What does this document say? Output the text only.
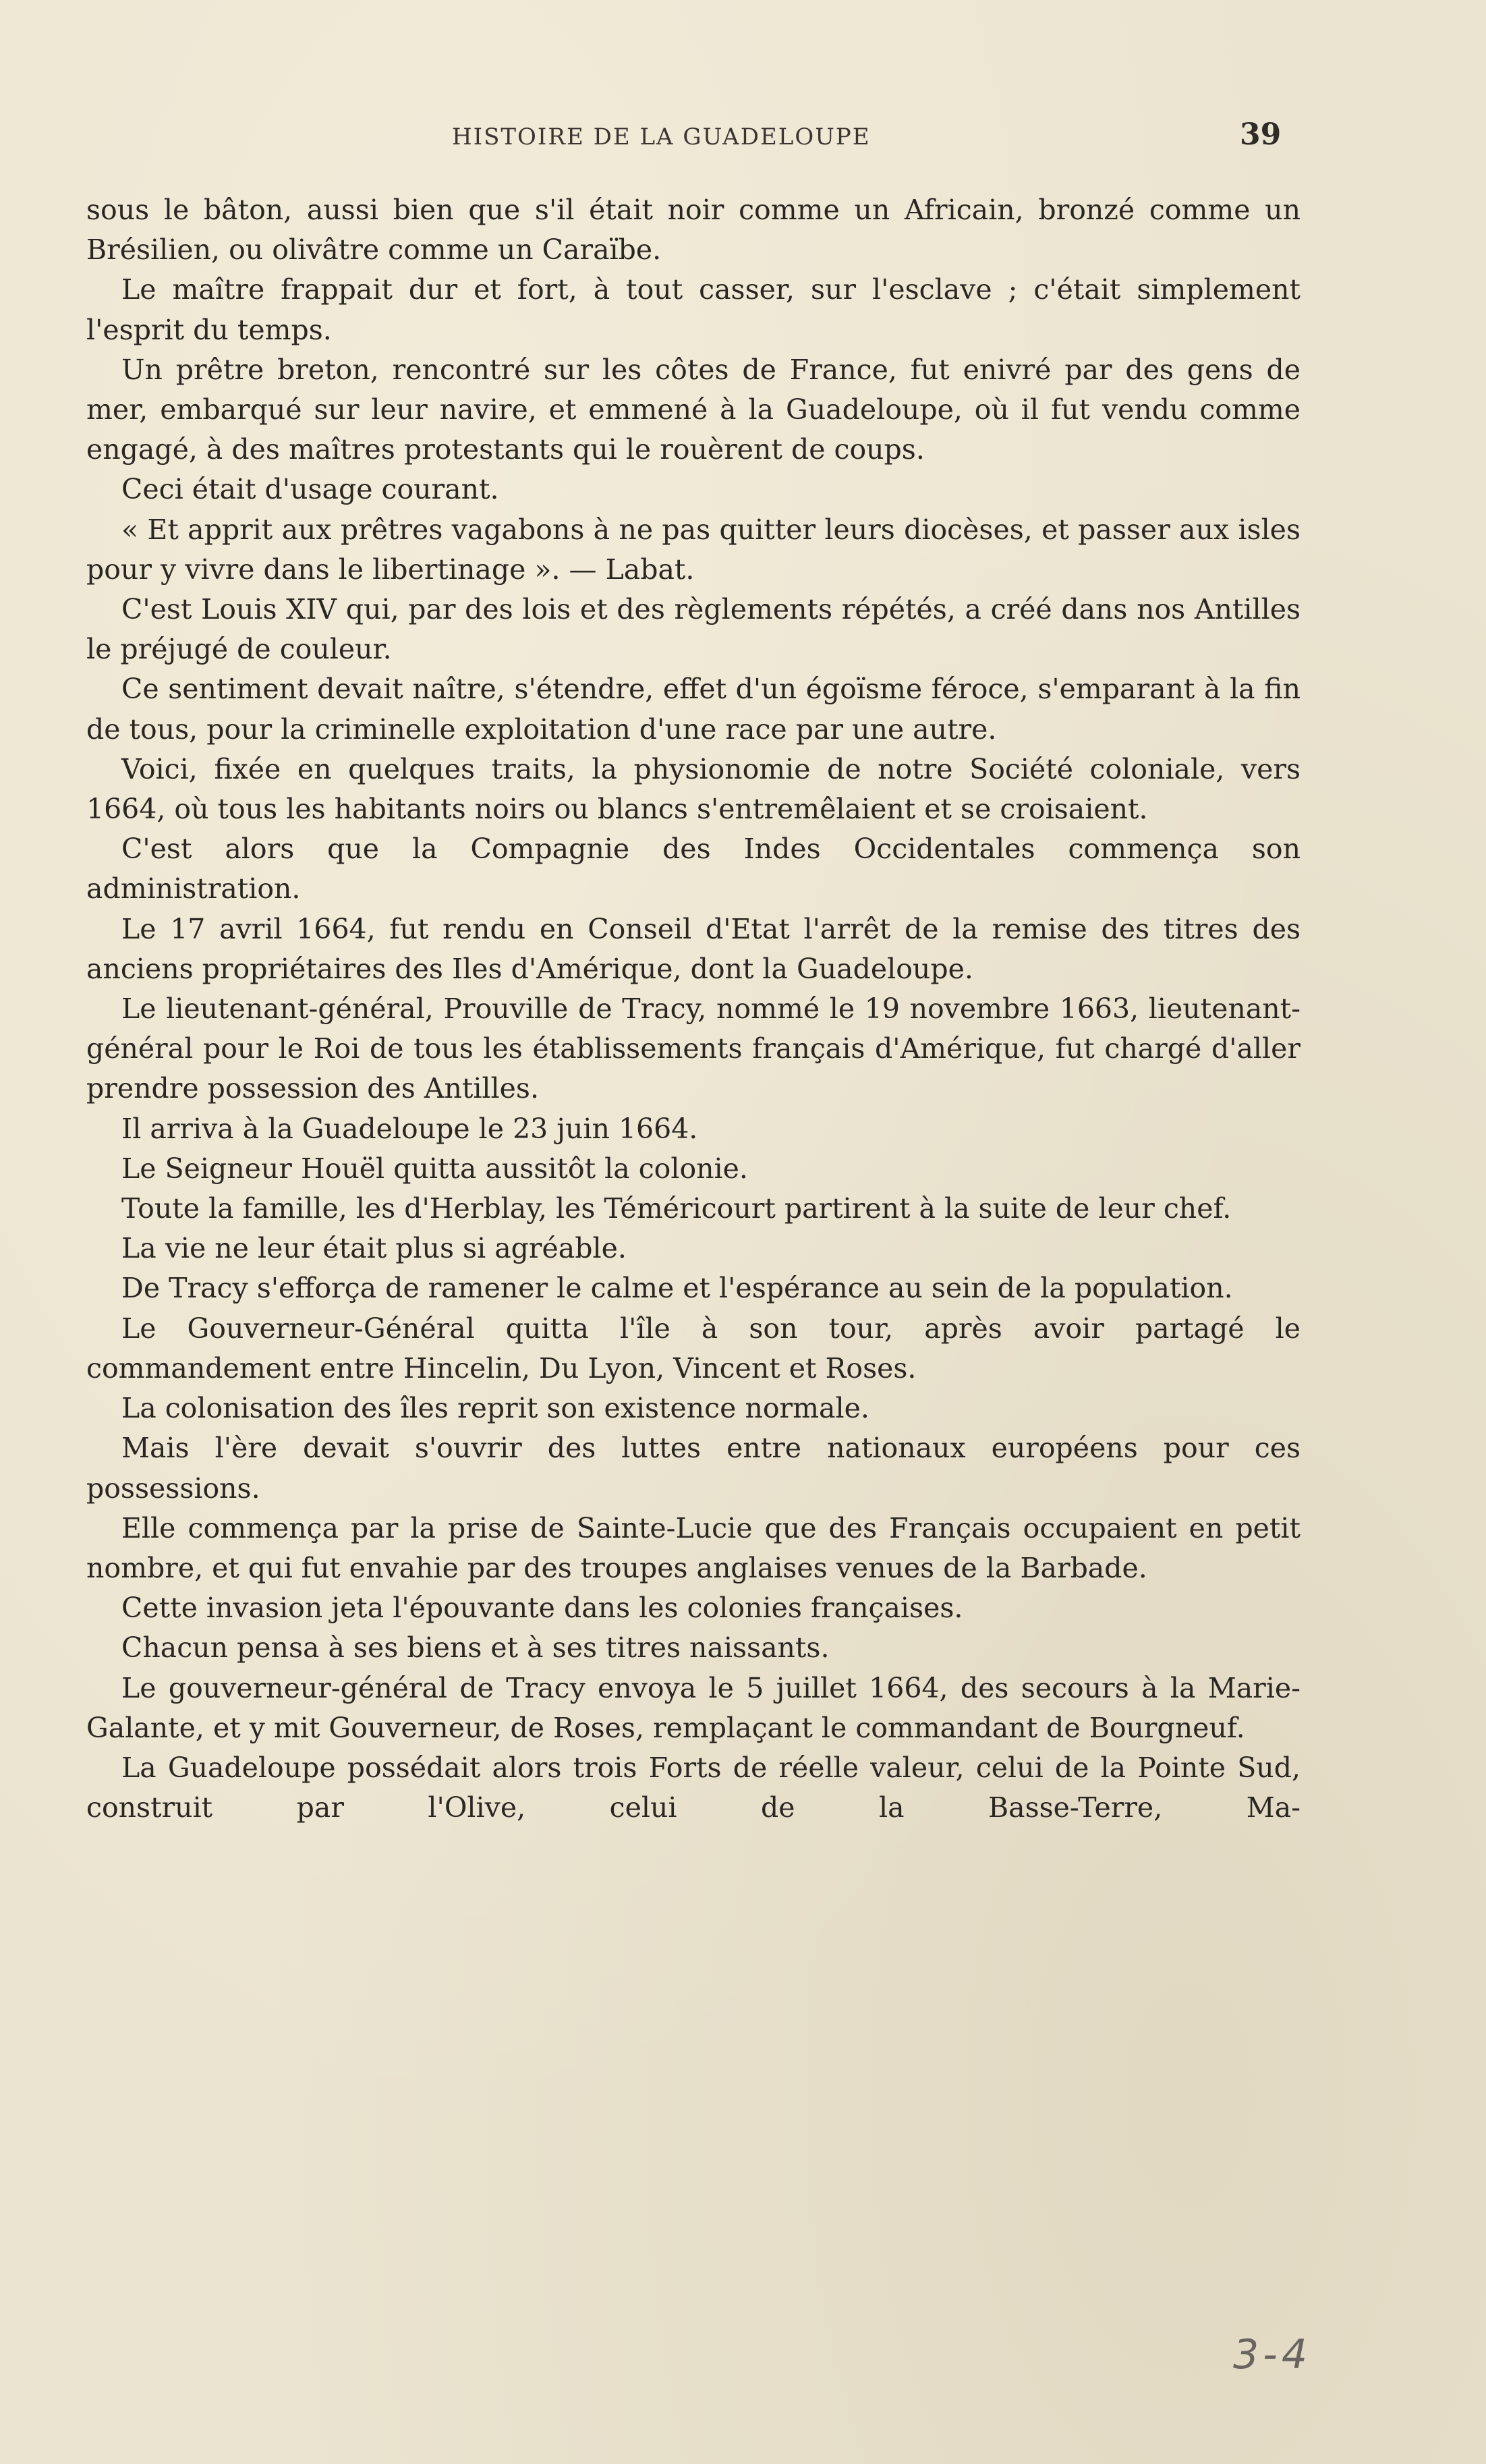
HISTOIRE DE LA GUADELOUPE	39

sous le bâton, aussi bien que s'il était noir comme un Africain, bronzé comme un Brésilien, ou olivâtre comme un Caraïbe.

Le maître frappait dur et fort, à tout casser, sur l'esclave ; c'était simplement l'esprit du temps.

Un prêtre breton, rencontré sur les côtes de France, fut enivré par des gens de mer, embarqué sur leur navire, et emmené à la Guadeloupe, où il fut vendu comme engagé, à des maîtres protestants qui le rouèrent de coups.

Ceci était d'usage courant.

« Et apprit aux prêtres vagabons à ne pas quitter leurs diocèses, et passer aux isles pour y vivre dans le libertinage ». — Labat.

C'est Louis XIV qui, par des lois et des règlements répétés, a créé dans nos Antilles le préjugé de couleur.

Ce sentiment devait naître, s'étendre, effet d'un égoïsme féroce, s'emparant à la fin de tous, pour la criminelle exploitation d'une race par une autre.

Voici, fixée en quelques traits, la physionomie de notre Société coloniale, vers 1664, où tous les habitants noirs ou blancs s'entremêlaient et se croisaient.

C'est alors que la Compagnie des Indes Occidentales commença son administration.

Le 17 avril 1664, fut rendu en Conseil d'Etat l'arrêt de la remise des titres des anciens propriétaires des Iles d'Amérique, dont la Guadeloupe.

Le lieutenant-général, Prouville de Tracy, nommé le 19 novembre 1663, lieutenant-général pour le Roi de tous les établissements français d'Amérique, fut chargé d'aller prendre possession des Antilles.

Il arriva à la Guadeloupe le 23 juin 1664.

Le Seigneur Houël quitta aussitôt la colonie.

Toute la famille, les d'Herblay, les Téméricourt partirent à la suite de leur chef.

La vie ne leur était plus si agréable.

De Tracy s'efforça de ramener le calme et l'espérance au sein de la population.

Le Gouverneur-Général quitta l'île à son tour, après avoir partagé le commandement entre Hincelin, Du Lyon, Vincent et Roses.

La colonisation des îles reprit son existence normale.

Mais l'ère devait s'ouvrir des luttes entre nationaux européens pour ces possessions.

Elle commença par la prise de Sainte-Lucie que des Français occupaient en petit nombre, et qui fut envahie par des troupes anglaises venues de la Barbade.

Cette invasion jeta l'épouvante dans les colonies françaises.

Chacun pensa à ses biens et à ses titres naissants.

Le gouverneur-général de Tracy envoya le 5 juillet 1664, des secours à la Marie-Galante, et y mit Gouverneur, de Roses, remplaçant le commandant de Bourgneuf.

La Guadeloupe possédait alors trois Forts de réelle valeur, celui de la Pointe Sud, construit par l'Olive, celui de la Basse-Terre, Ma-

3-4
